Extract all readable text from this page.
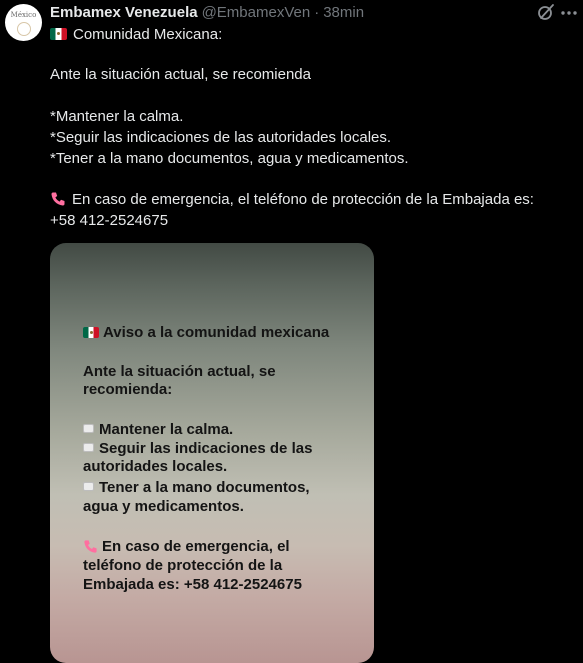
México Embamex Venezuela @EmbamexVen · 38min
Comunidad Mexicana:
Ante la situación actual, se recomienda
*Mantener la calma.
*Seguir las indicaciones de las autoridades locales.
*Tener a la mano documentos, agua y medicamentos.
En caso de emergencia, el teléfono de protección de la Embajada es:
+58 412-2524675
Aviso a la comunidad mexicana
Ante la situación actual, se
recomienda:
Mantener la calma.
Seguir las indicaciones de las
autoridades locales.
Tener a la mano documentos,
agua y medicamentos.
En caso de emergencia, el
teléfono de protección de la
Embajada es: +58 412-2524675
